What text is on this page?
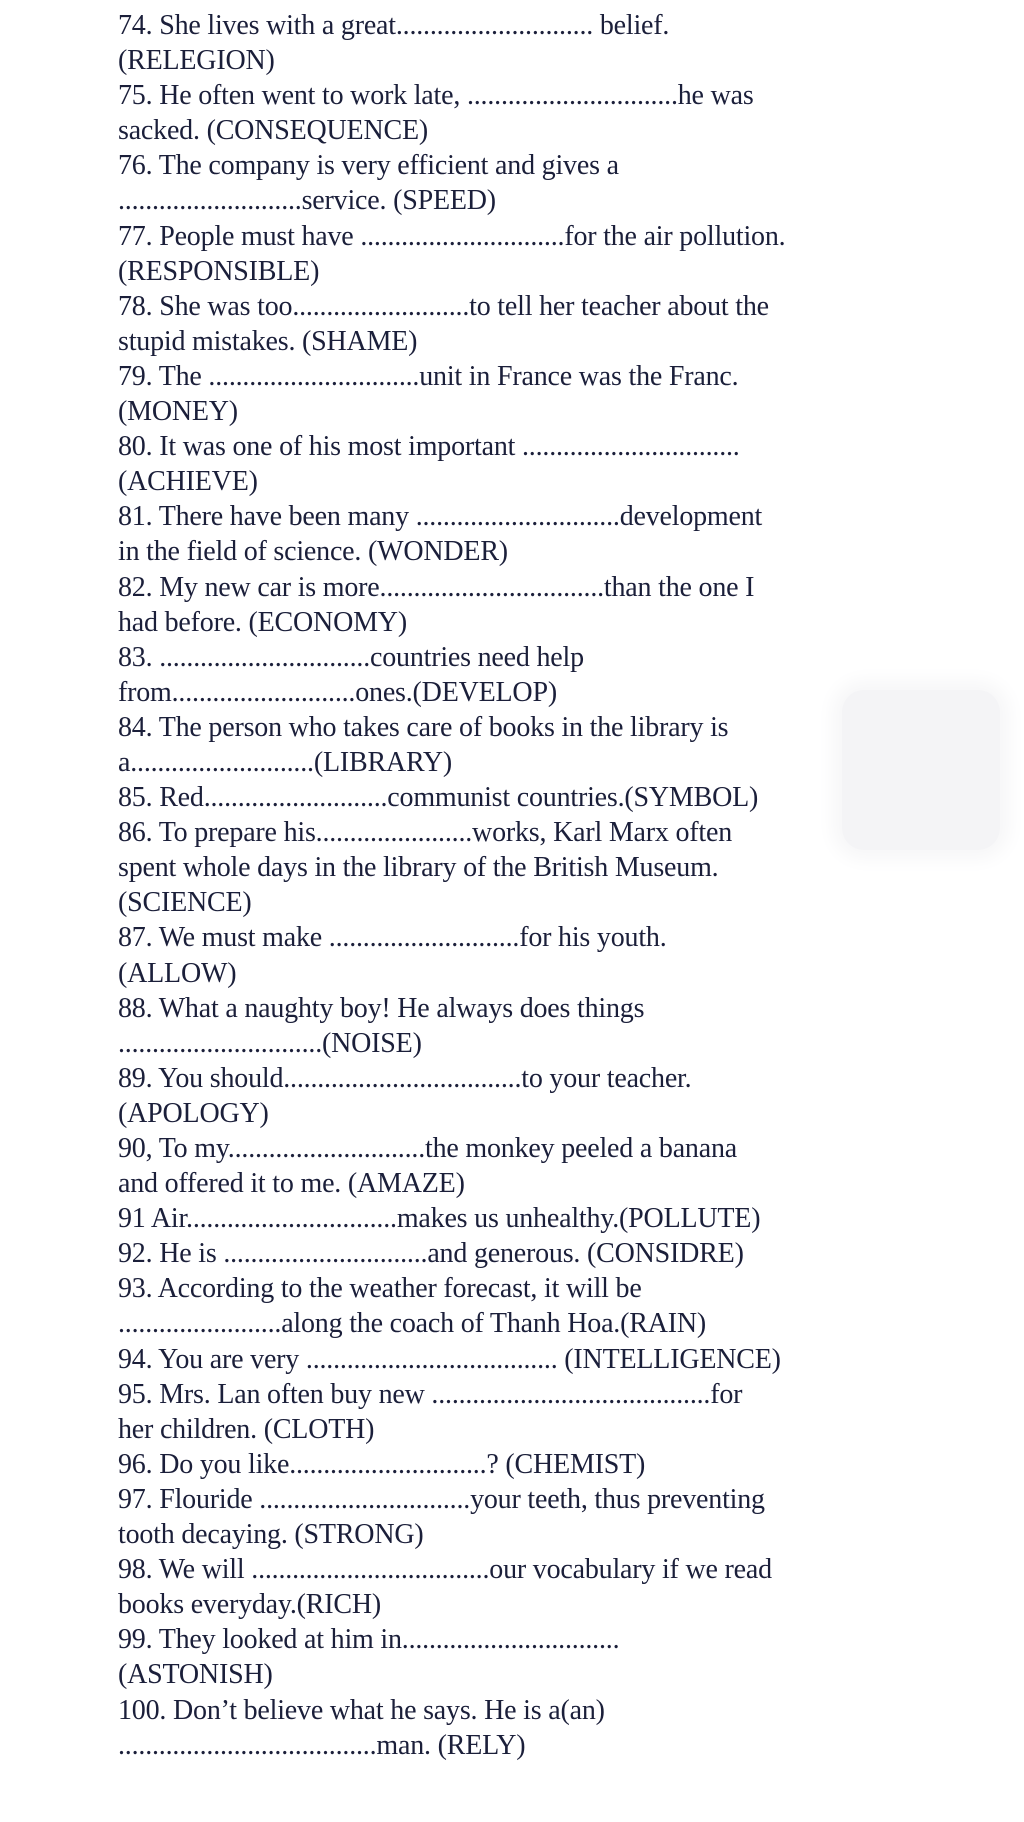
74. She lives with a great............................. belief.
(RELEGION)
75. He often went to work late, ...............................he was
sacked. (CONSEQUENCE)
76. The company is very efficient and gives a
...........................service. (SPEED)
77. People must have ..............................for the air pollution.
(RESPONSIBLE)
78. She was too..........................to tell her teacher about the
stupid mistakes. (SHAME)
79. The ...............................unit in France was the Franc.
(MONEY)
80. It was one of his most important ................................
(ACHIEVE)
81. There have been many ..............................development
in the field of science. (WONDER)
82. My new car is more.................................than the one I
had before. (ECONOMY)
83. ...............................countries need help
from...........................ones.(DEVELOP)
84. The person who takes care of books in the library is
a...........................(LIBRARY)
85. Red...........................communist countries.(SYMBOL)
86. To prepare his.......................works, Karl Marx often
spent whole days in the library of the British Museum.
(SCIENCE)
87. We must make ............................for his youth.
(ALLOW)
88. What a naughty boy! He always does things
..............................(NOISE)
89. You should...................................to your teacher.
(APOLOGY)
90, To my.............................the monkey peeled a banana
and offered it to me. (AMAZE)
91 Air...............................makes us unhealthy.(POLLUTE)
92. He is ..............................and generous. (CONSIDRE)
93. According to the weather forecast, it will be
........................along the coach of Thanh Hoa.(RAIN)
94. You are very ..................................... (INTELLIGENCE)
95. Mrs. Lan often buy new .........................................for
her children. (CLOTH)
96. Do you like.............................? (CHEMIST)
97. Flouride ...............................your teeth, thus preventing
tooth decaying. (STRONG)
98. We will ...................................our vocabulary if we read
books everyday.(RICH)
99. They looked at him in................................
(ASTONISH)
100. Don’t believe what he says. He is a(an)
......................................man. (RELY)
